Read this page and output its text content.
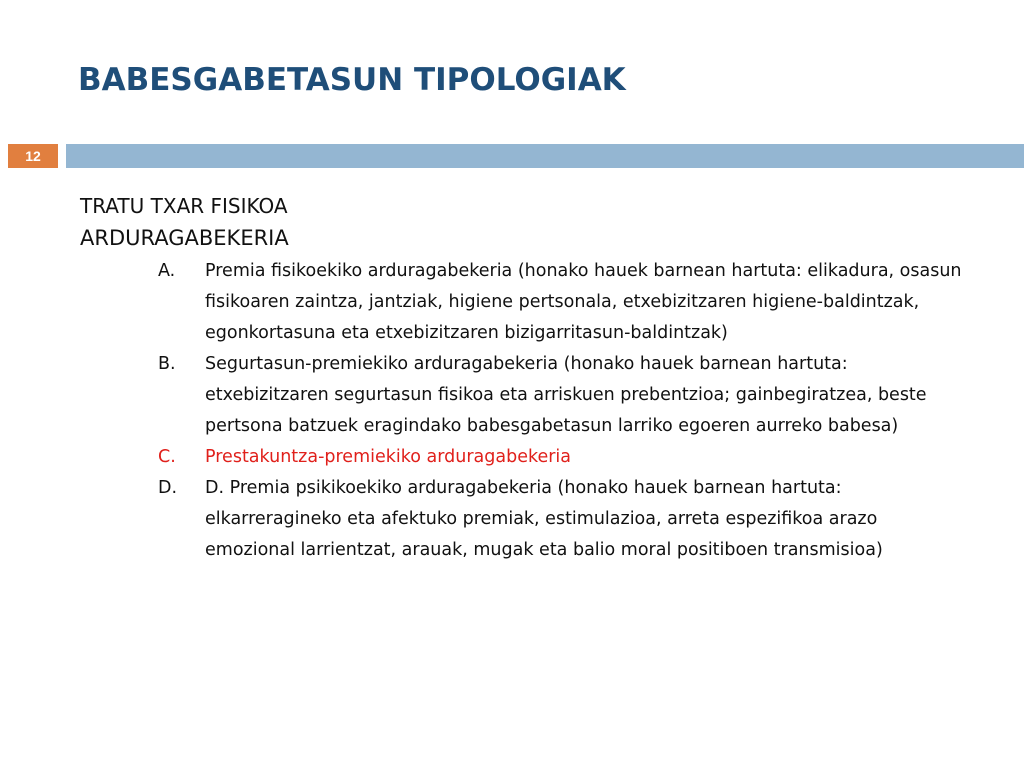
BABESGABETASUN TIPOLOGIAK
12
TRATU TXAR FISIKOA
ARDURAGABEKERIA
A. Premia fisikoekiko arduragabekeria (honako hauek barnean hartuta: elikadura, osasun fisikoaren zaintza, jantziak, higiene pertsonala, etxebizitzaren higiene-baldintzak, egonkortasuna eta etxebizitzaren bizigarritasun-baldintzak)
B. Segurtasun-premiekiko arduragabekeria (honako hauek barnean hartuta: etxebizitzaren segurtasun fisikoa eta arriskuen prebentzioa; gainbegiratzea, beste pertsona batzuek eragindako babesgabetasun larriko egoeren aurreko babesa)
C. Prestakuntza-premiekiko arduragabekeria
D. D. Premia psikikoekiko arduragabekeria (honako hauek barnean hartuta: elkarreragineko eta afektuko premiak, estimulazioa, arreta espezifikoa arazo emozional larrientzat, arauak, mugak eta balio moral positiboen transmisioa)
